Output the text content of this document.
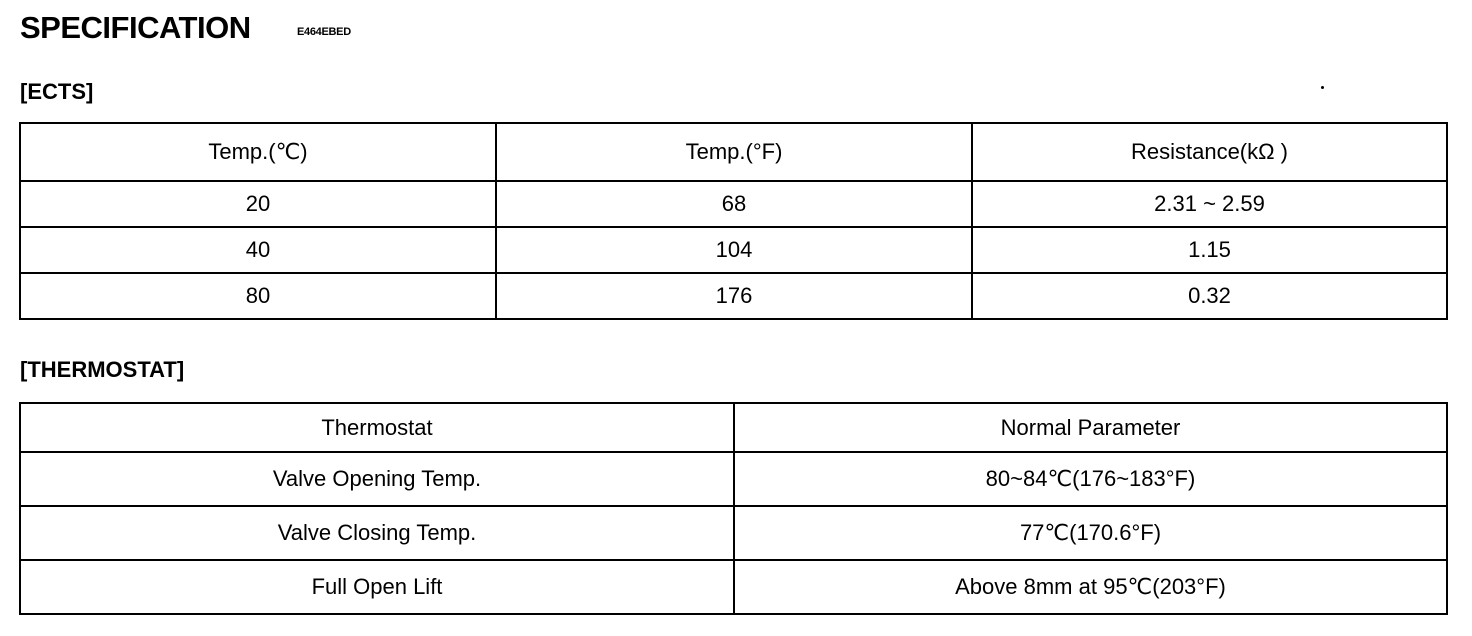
SPECIFICATION	E464EBED
[ECTS]
Temp.(℃)	Temp.(°F)	Resistance(kΩ )
20	68	2.31 ~ 2.59
40	104	1.15
80	176	0.32
[THERMOSTAT]
Thermostat	Normal Parameter
Valve Opening Temp.	80~84℃(176~183°F)
Valve Closing Temp.	77℃(170.6°F)
Full Open Lift	Above 8mm at 95℃(203°F)
